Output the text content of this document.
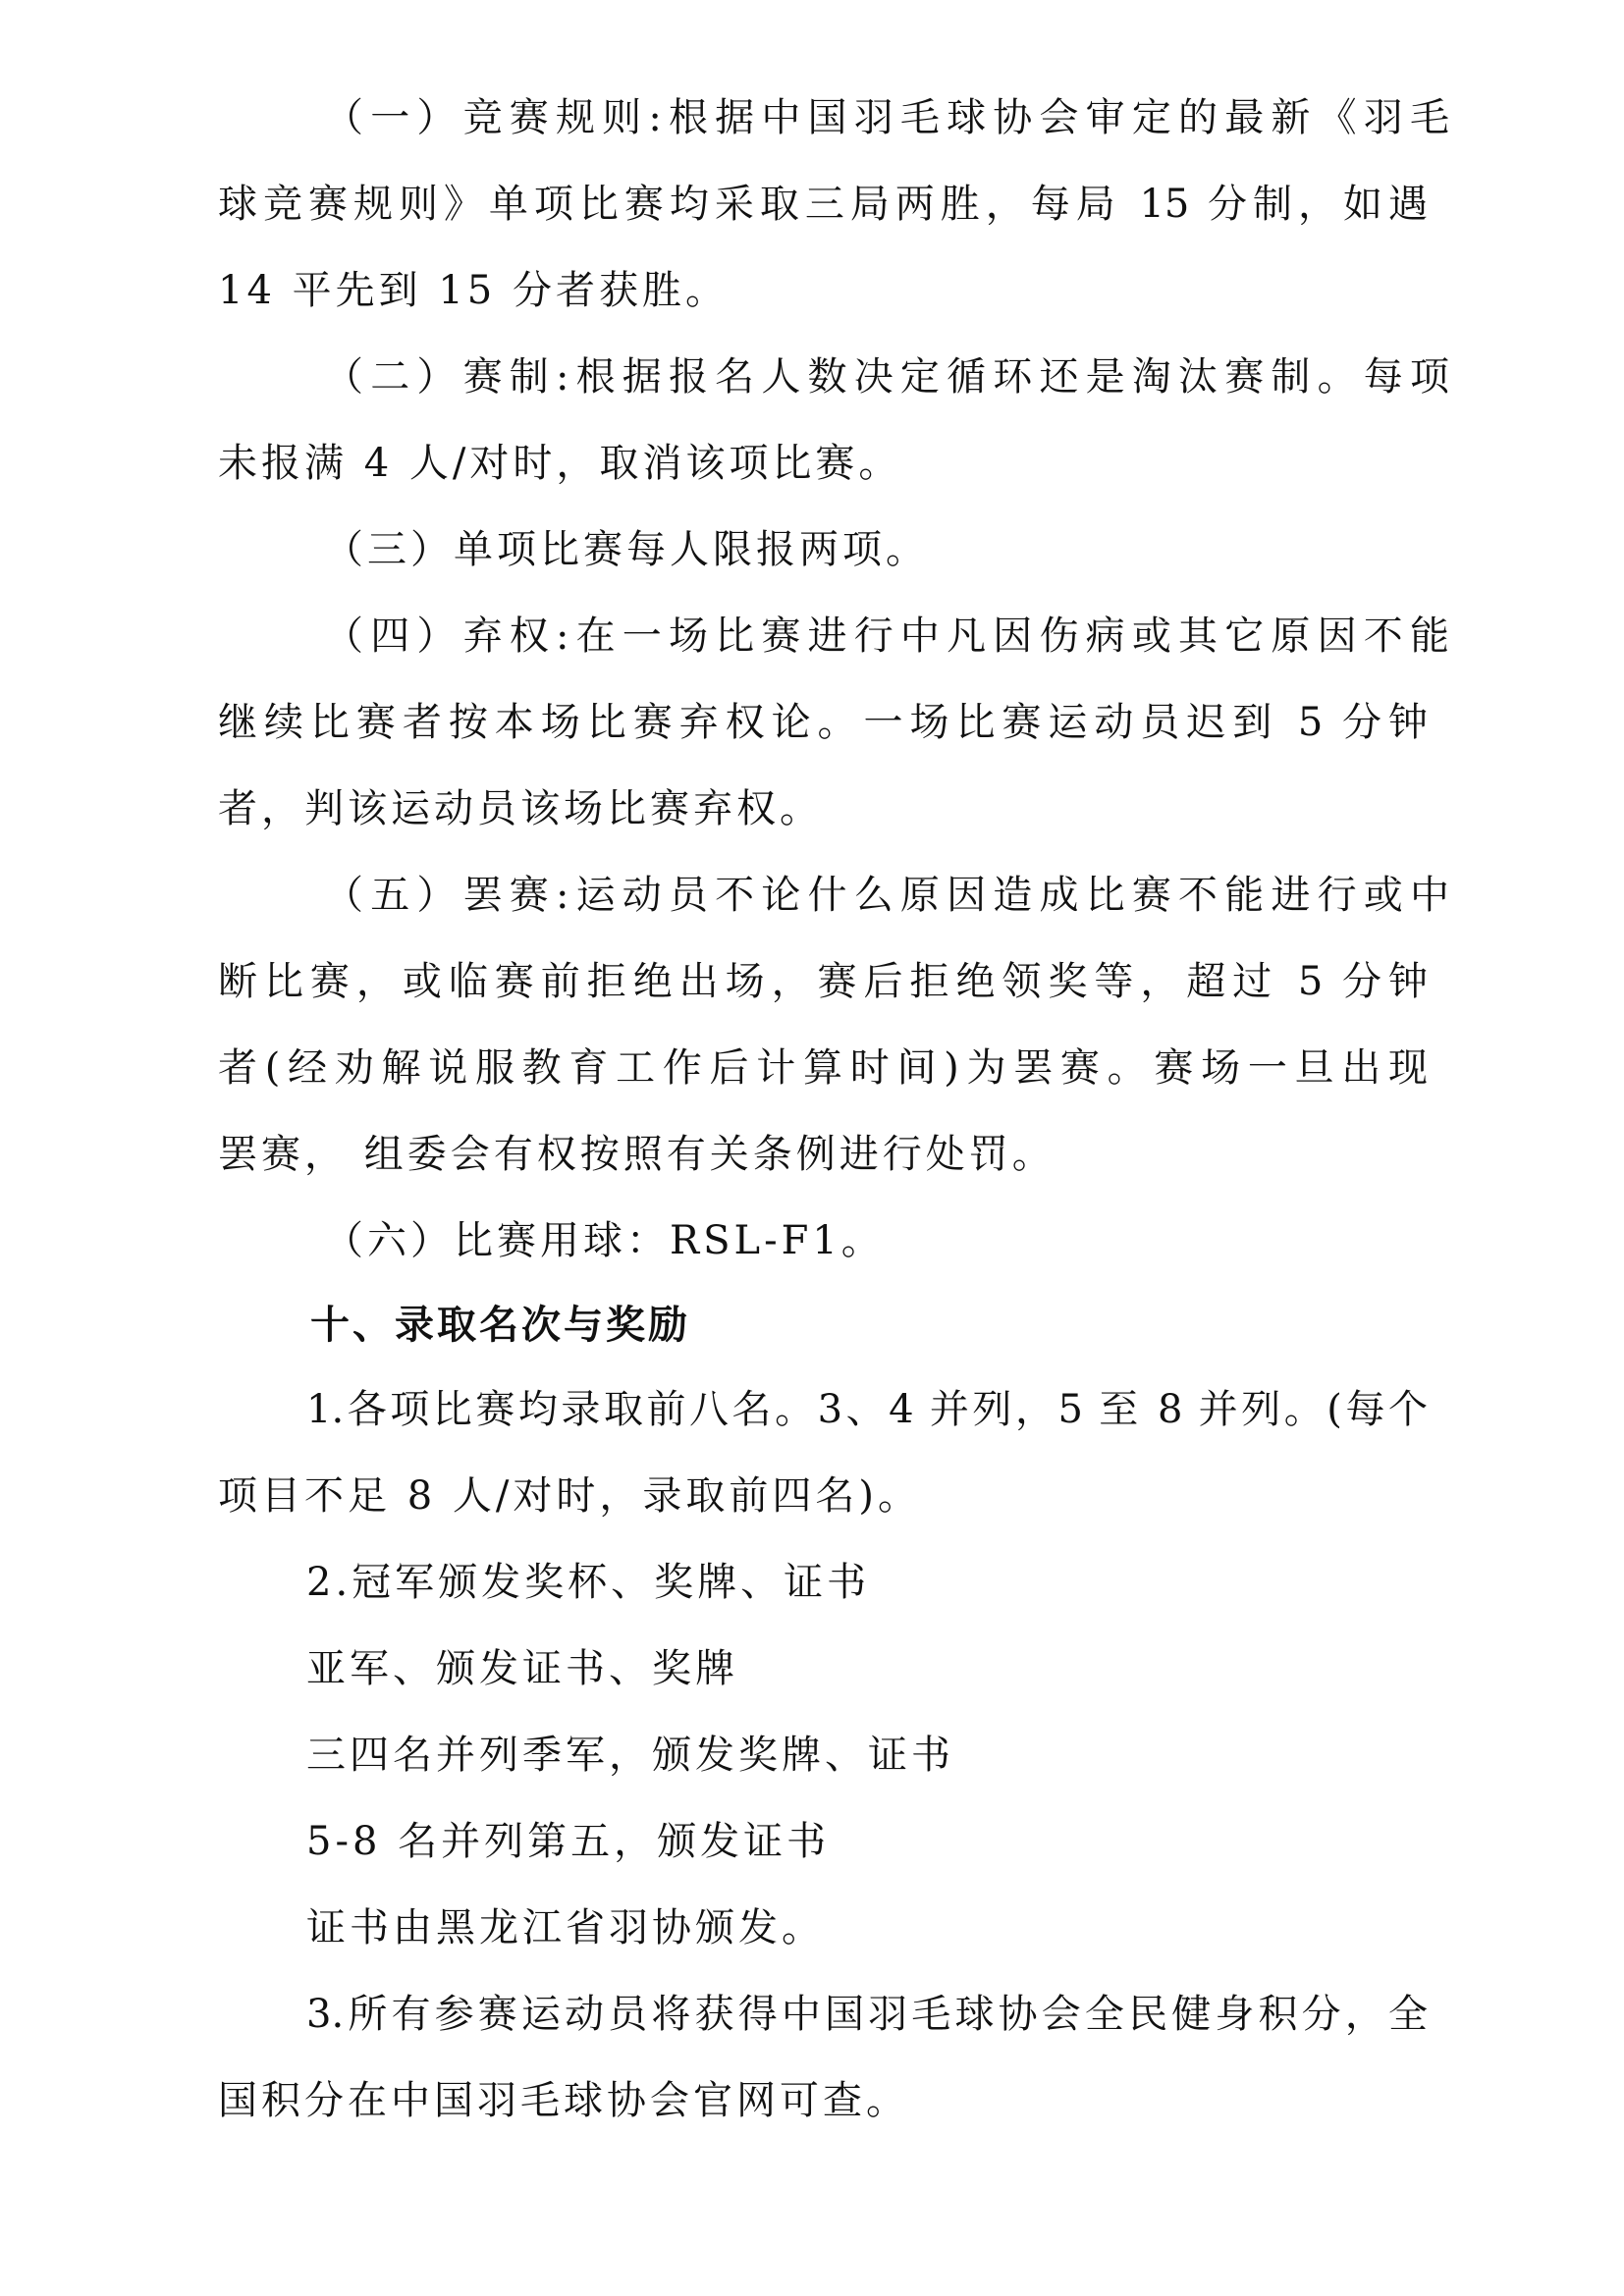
（一）竞赛规则:根据中国羽毛球协会审定的最新《羽毛
球竞赛规则》单项比赛均采取三局两胜，每局 15 分制，如遇
14 平先到 15 分者获胜。
（二）赛制:根据报名人数决定循环还是淘汰赛制。每项
未报满 4 人/对时，取消该项比赛。
（三）单项比赛每人限报两项。
（四）弃权:在一场比赛进行中凡因伤病或其它原因不能
继续比赛者按本场比赛弃权论。一场比赛运动员迟到 5 分钟
者，判该运动员该场比赛弃权。
（五）罢赛:运动员不论什么原因造成比赛不能进行或中
断比赛，或临赛前拒绝出场，赛后拒绝领奖等，超过 5 分钟
者(经劝解说服教育工作后计算时间)为罢赛。赛场一旦出现
罢赛， 组委会有权按照有关条例进行处罚。
（六）比赛用球：RSL-F1。
十、录取名次与奖励
1.各项比赛均录取前八名。3、4 并列，5 至 8 并列。(每个
项目不足 8 人/对时，录取前四名)。
2.冠军颁发奖杯、奖牌、证书
亚军、颁发证书、奖牌
三四名并列季军，颁发奖牌、证书
5-8 名并列第五，颁发证书
证书由黑龙江省羽协颁发。
3.所有参赛运动员将获得中国羽毛球协会全民健身积分，全
国积分在中国羽毛球协会官网可查。
